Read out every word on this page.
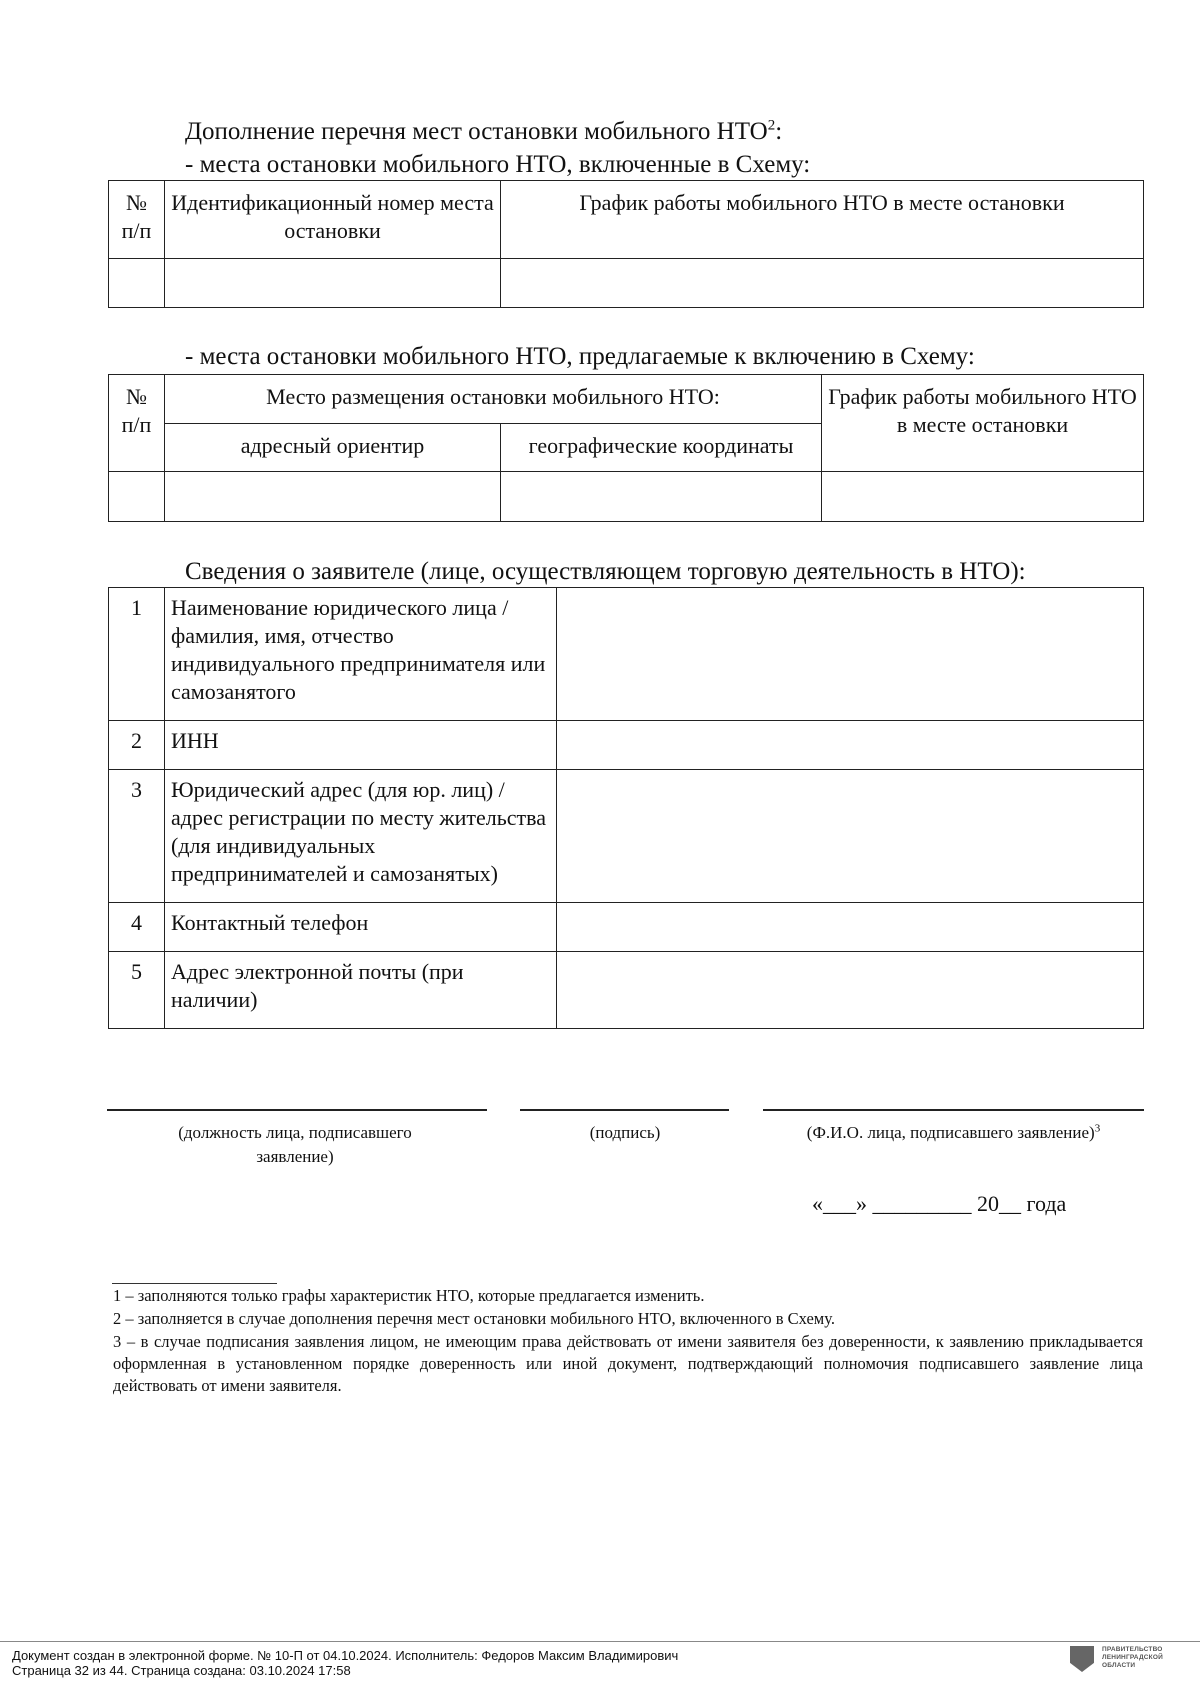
Дополнение перечня мест остановки мобильного НТО$^2$:
- места остановки мобильного НТО, включенные в Схему:
№ п/п	Идентификационный номер места остановки	График работы мобильного НТО в месте остановки

- места остановки мобильного НТО, предлагаемые к включению в Схему:
№ п/п	Место размещения остановки мобильного НТО:		График работы мобильного НТО в месте остановки
	адресный ориентир	географические координаты	

Сведения о заявителе (лице, осуществляющем торговую деятельность в НТО):
1	Наименование юридического лица / фамилия, имя, отчество индивидуального предпринимателя или самозанятого	
2	ИНН	
3	Юридический адрес (для юр. лиц) / адрес регистрации по месту жительства (для индивидуальных предпринимателей и самозанятых)	
4	Контактный телефон	
5	Адрес электронной почты (при наличии)	
(должность лица, подписавшего заявление)
(подпись)	(Ф.И.О. лица, подписавшего заявление)$^3$
«___» _________ 20__ года
1 – заполняются только графы характеристик НТО, которые предлагается изменить.
2 – заполняется в случае дополнения перечня мест остановки мобильного НТО, включенного в Схему.
3 – в случае подписания заявления лицом, не имеющим права действовать от имени заявителя без доверенности, к заявлению прикладывается оформленная в установленном порядке доверенность или иной документ, подтверждающий полномочия подписавшего заявление лица действовать от имени заявителя.
Документ создан в электронной форме. № 10-П от 04.10.2024. Исполнитель: Федоров Максим Владимирович
Страница 32 из 44. Страница создана: 03.10.2024 17:58
ПРАВИТЕЛЬСТВО
ЛЕНИНГРАДСКОЙ
ОБЛАСТИ
